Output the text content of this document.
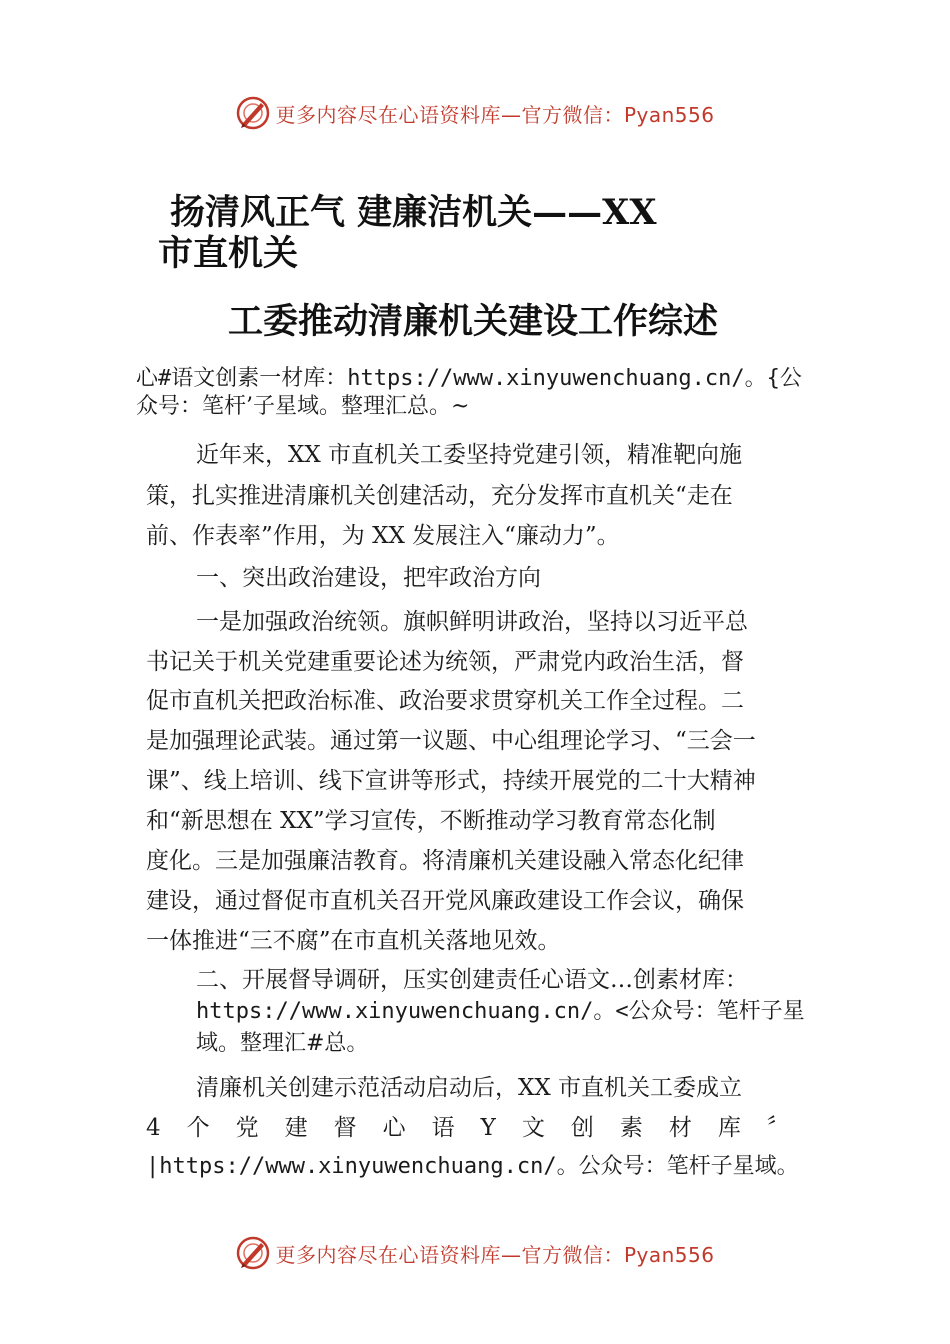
更多内容尽在心语资料库—官方微信：Pyan556
扬清风正气 建廉洁机关——XX
市直机关
工委推动清廉机关建设工作综述
心#语文创素一材库：https://www.xinyuwenchuang.cn/。{公
众号：笔杆’子星域。整理汇总。~
近年来，XX 市直机关工委坚持党建引领，精准靶向施
策，扎实推进清廉机关创建活动，充分发挥市直机关“走在
前、作表率”作用，为 XX 发展注入“廉动力”。
一、突出政治建设，把牢政治方向
一是加强政治统领。旗帜鲜明讲政治，坚持以习近平总
书记关于机关党建重要论述为统领，严肃党内政治生活，督
促市直机关把政治标准、政治要求贯穿机关工作全过程。二
是加强理论武装。通过第一议题、中心组理论学习、“三会一
课”、线上培训、线下宣讲等形式，持续开展党的二十大精神
和“新思想在 XX”学习宣传，不断推动学习教育常态化制
度化。三是加强廉洁教育。将清廉机关建设融入常态化纪律
建设，通过督促市直机关召开党风廉政建设工作会议，确保
一体推进“三不腐”在市直机关落地见效。
二、开展督导调研，压实创建责任心语文…创素材库：
https://www.xinyuwenchuang.cn/。<公众号：笔杆子星
域。整理汇#总。
清廉机关创建示范活动启动后，XX 市直机关工委成立
4个党建督心语Y文创素材库〞
|https://www.xinyuwenchuang.cn/。公众号：笔杆子星域。
更多内容尽在心语资料库—官方微信：Pyan556
